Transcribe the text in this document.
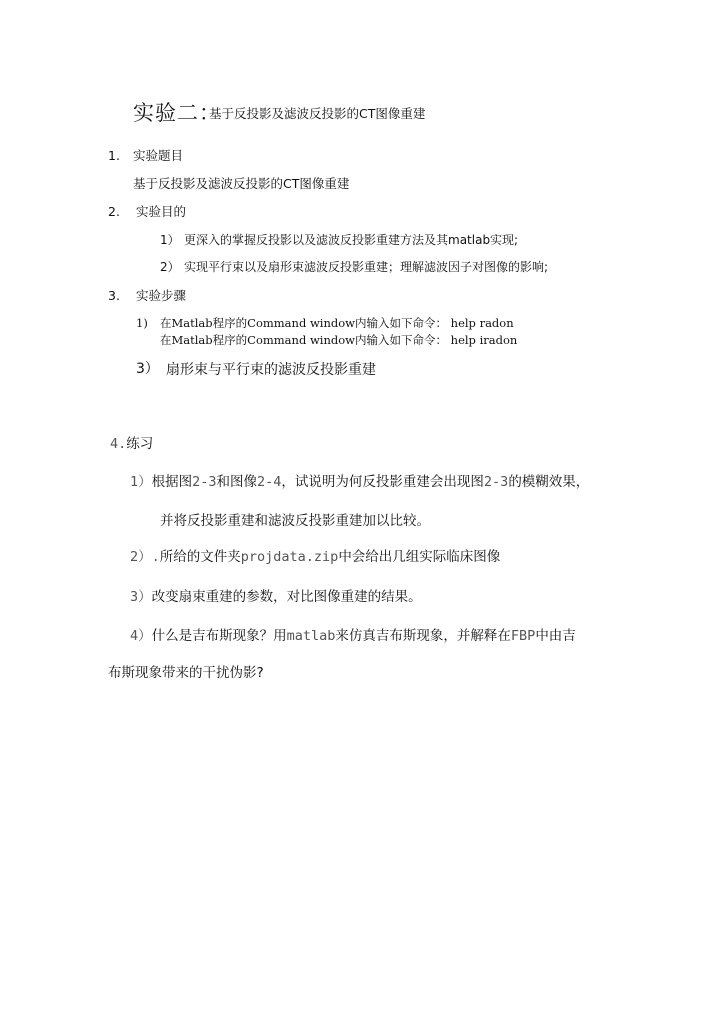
实验二：
基于反投影及滤波反投影的CT图像重建
1. 实验题目
基于反投影及滤波反投影的CT图像重建
2. 实验目的
1） 更深入的掌握反投影以及滤波反投影重建方法及其matlab实现;
2） 实现平行束以及扇形束滤波反投影重建；理解滤波因子对图像的影响;
3. 实验步骤
1) 在Matlab程序的Command window内输入如下命令： help radon
在Matlab程序的Command window内输入如下命令： help iradon
3） 扇形束与平行束的滤波反投影重建
4.练习
1）根据图2-3和图像2-4，试说明为何反投影重建会出现图2-3的模糊效果，
并将反投影重建和滤波反投影重建加以比较。
2）.所给的文件夹projdata.zip中会给出几组实际临床图像
3）改变扇束重建的参数，对比图像重建的结果。
4）什么是吉布斯现象？用matlab来仿真吉布斯现象，并解释在FBP中由吉
布斯现象带来的干扰伪影?
